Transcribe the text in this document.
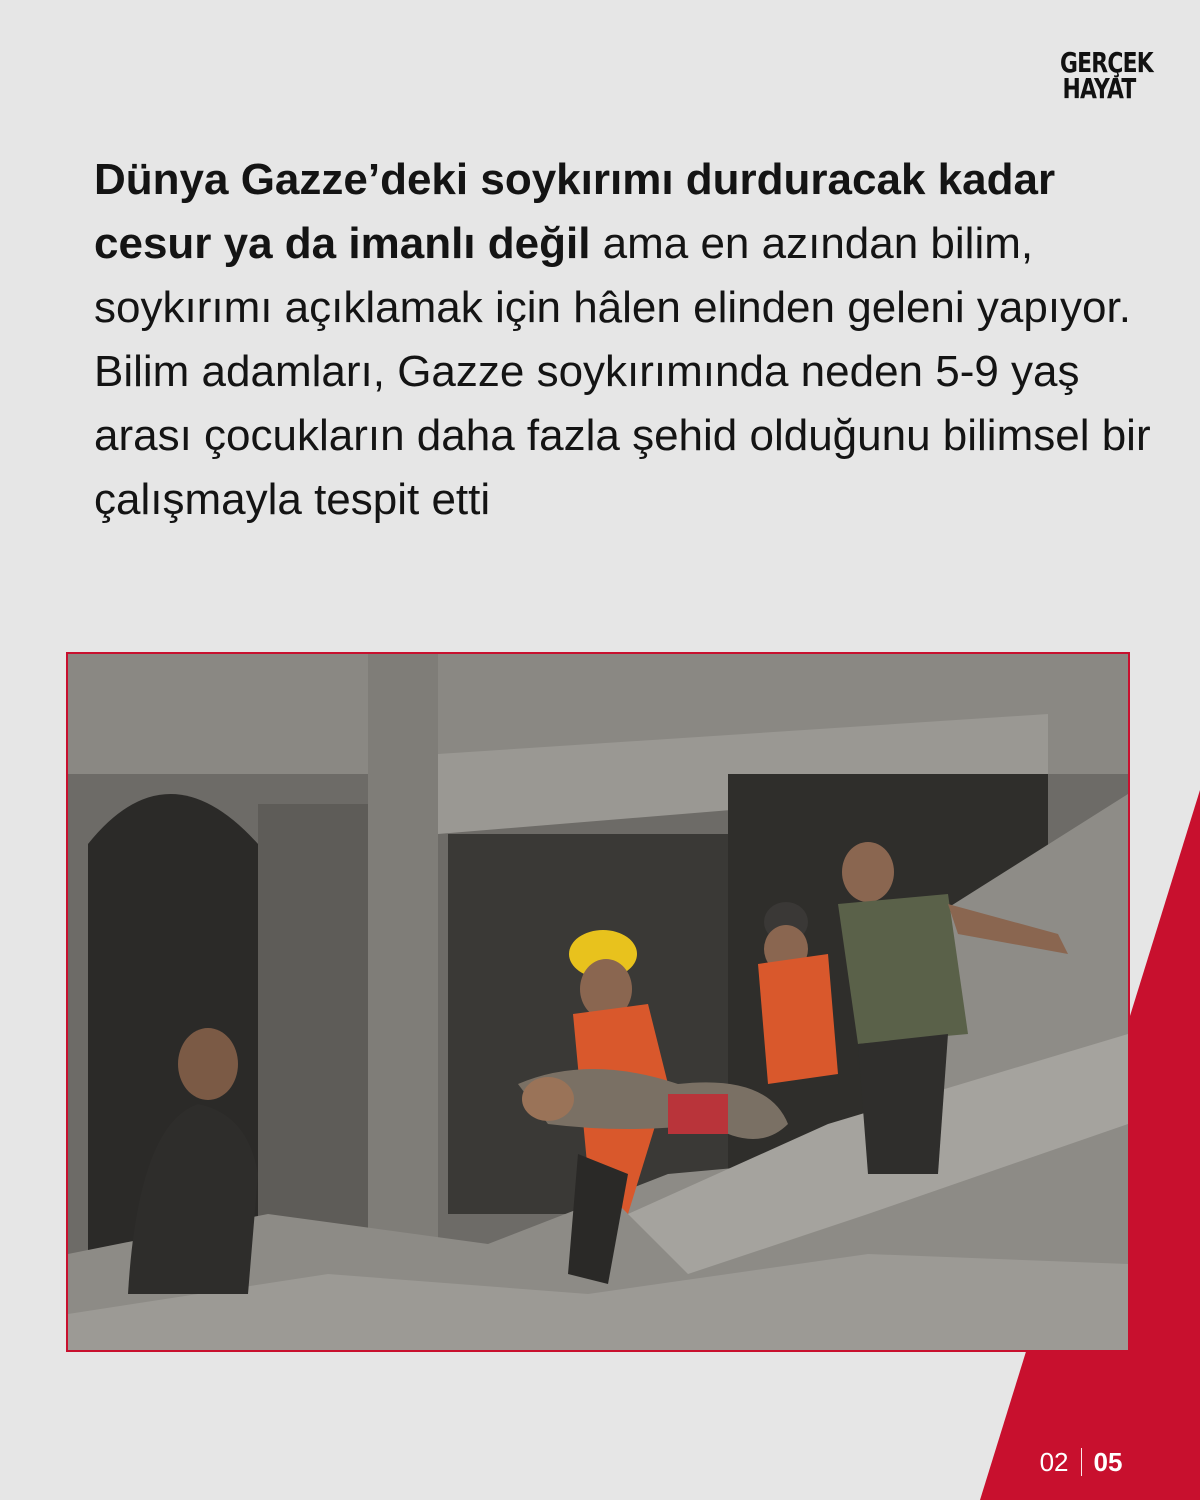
GERÇEK
HAYAT

Dünya Gazze’deki soykırımı durduracak kadar cesur ya da imanlı değil ama en azından bilim, soykırımı açıklamak için hâlen elinden geleni yapıyor. Bilim adamları, Gazze soykırımında neden 5-9 yaş arası çocukların daha fazla şehid olduğunu bilimsel bir çalışmayla tespit etti

02 05
